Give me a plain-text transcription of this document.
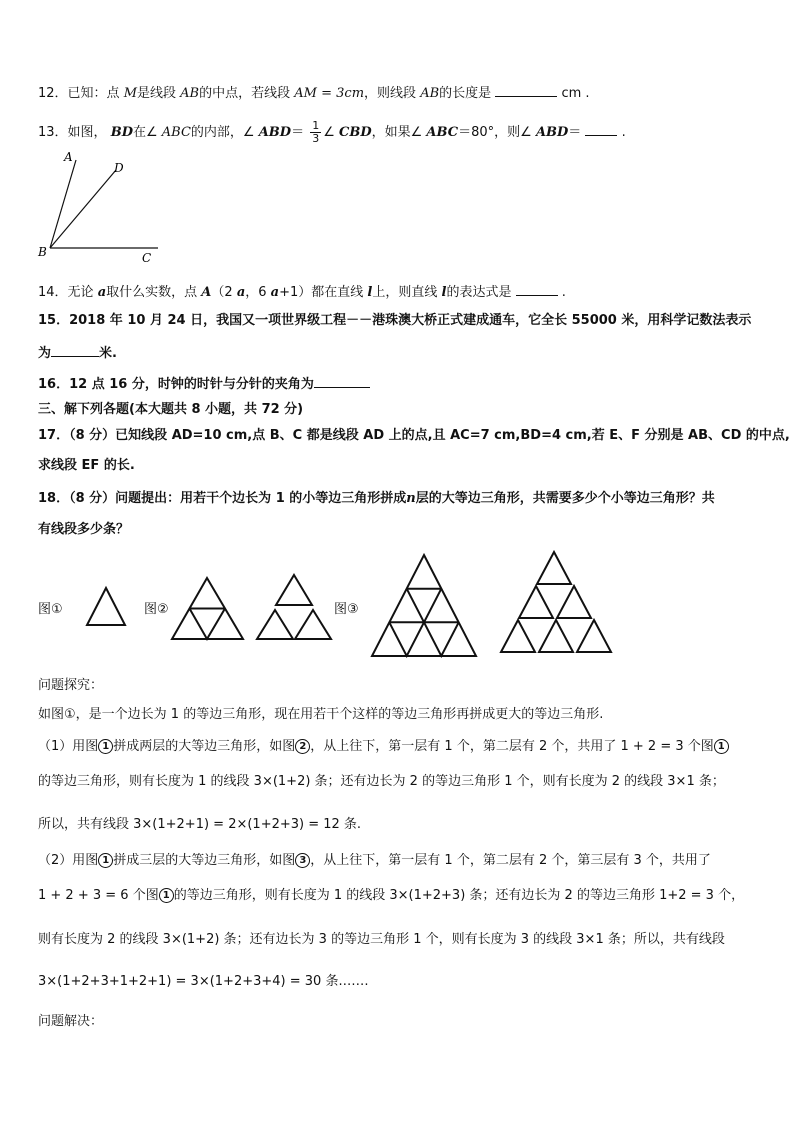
12．已知：点 M是线段 AB的中点，若线段 AM = 3cm，则线段 AB的长度是	cm .
13．如图， BD在∠ ABC的内部，∠ $ABD= \frac{1}{3}$ ∠ CBD，如果∠ ABC＝80°，则∠ ABD＝	.
A
D
B	C
14．无论 a取什么实数，点 A（2 a，6 a+1）都在直线 l上，则直线 l的表达式是	.
15．2018 年 10 月 24 日，我国又一项世界级工程－－港珠澳大桥正式建成通车，它全长 55000 米，用科学记数法表示
为	米.
16．12 点 16 分，时钟的时针与分针的夹角为
三、解下列各题(本大题共 8 小题，共 72 分)
17．（8 分）已知线段 AD=10 cm,点 B、C 都是线段 AD 上的点,且 AC=7 cm,BD=4 cm,若 E、F 分别是 AB、CD 的中点,
求线段 EF 的长.
18．（8 分）问题提出：用若干个边长为 1 的小等边三角形拼成n层的大等边三角形，共需要多少个小等边三角形？共
有线段多少条？
图①	图②	图③
问题探究：
如图①，是一个边长为 1 的等边三角形，现在用若干个这样的等边三角形再拼成更大的等边三角形.
（1）用图 1 拼成两层的大等边三角形，如图 2 ，从上往下，第一层有 1 个，第二层有 2 个，共用了 1 + 2 = 3 个图 1
的等边三角形，则有长度为 1 的线段 3×(1+2) 条；还有边长为 2 的等边三角形 1 个，则有长度为 2 的线段 3×1 条；
所以，共有线段 3×(1+2+1) = 2×(1+2+3) = 12 条.
（2）用图 1 拼成三层的大等边三角形，如图 3 ，从上往下，第一层有 1 个，第二层有 2 个，第三层有 3 个，共用了
1 + 2 + 3 = 6 个图 1 的等边三角形，则有长度为 1 的线段 3×(1+2+3) 条；还有边长为 2 的等边三角形 1+2 = 3 个，
则有长度为 2 的线段 3×(1+2) 条；还有边长为 3 的等边三角形 1 个，则有长度为 3 的线段 3×1 条；所以，共有线段
3×(1+2+3+1+2+1) = 3×(1+2+3+4) = 30 条.……
问题解决：
